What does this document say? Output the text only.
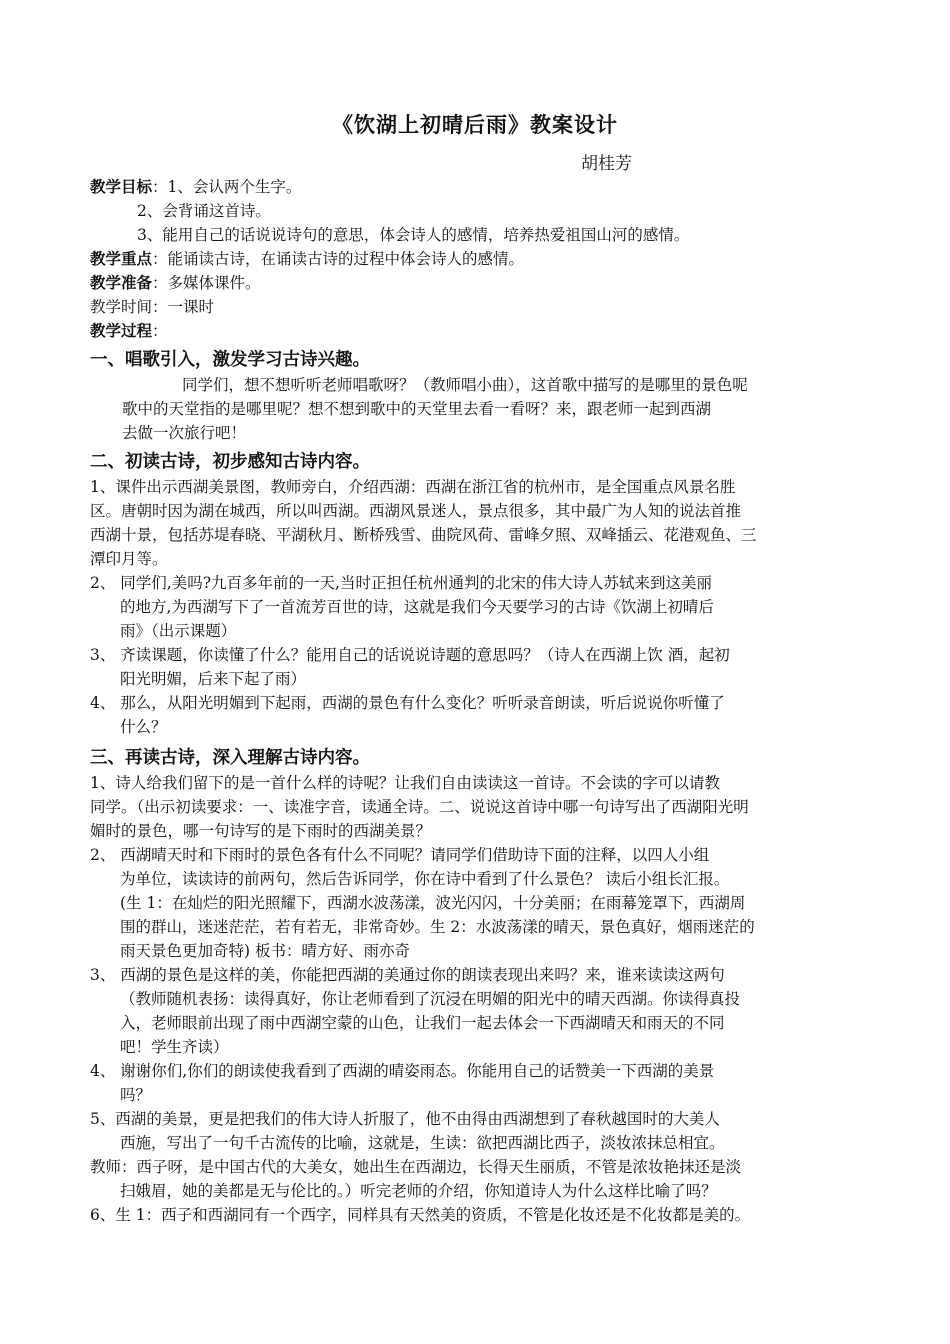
《饮湖上初晴后雨》教案设计
胡桂芳
教学目标：1、会认两个生字。
2、会背诵这首诗。
3、能用自己的话说说诗句的意思，体会诗人的感情，培养热爱祖国山河的感情。
教学重点：能诵读古诗，在诵读古诗的过程中体会诗人的感情。
教学准备：多媒体课件。
教学时间：一课时
教学过程：
一、唱歌引入，激发学习古诗兴趣。
同学们，想不想听听老师唱歌呀？（教师唱小曲），这首歌中描写的是哪里的景色呢
歌中的天堂指的是哪里呢？想不想到歌中的天堂里去看一看呀？来，跟老师一起到西湖
去做一次旅行吧！
二、初读古诗，初步感知古诗内容。
1、课件出示西湖美景图，教师旁白，介绍西湖：西湖在浙江省的杭州市，是全国重点风景名胜
区。唐朝时因为湖在城西，所以叫西湖。西湖风景迷人，景点很多，其中最广为人知的说法首推
西湖十景，包括苏堤春晓、平湖秋月、断桥残雪、曲院风荷、雷峰夕照、双峰插云、花港观鱼、三
潭印月等。
2、 同学们,美吗?九百多年前的一天,当时正担任杭州通判的北宋的伟大诗人苏轼来到这美丽
的地方,为西湖写下了一首流芳百世的诗，这就是我们今天要学习的古诗《饮湖上初晴后
雨》（出示课题）
3、 齐读课题，你读懂了什么？能用自己的话说说诗题的意思吗？（诗人在西湖上饮 酒，起初
阳光明媚，后来下起了雨）
4、 那么，从阳光明媚到下起雨，西湖的景色有什么变化？听听录音朗读，听后说说你听懂了
什么？
三、再读古诗，深入理解古诗内容。
1、诗人给我们留下的是一首什么样的诗呢？让我们自由读读这一首诗。不会读的字可以请教
同学。（出示初读要求：一、读准字音，读通全诗。二、说说这首诗中哪一句诗写出了西湖阳光明
媚时的景色，哪一句诗写的是下雨时的西湖美景？
2、 西湖晴天时和下雨时的景色各有什么不同呢？请同学们借助诗下面的注释，以四人小组
为单位，读读诗的前两句，然后告诉同学，你在诗中看到了什么景色？ 读后小组长汇报。
(生 1：在灿烂的阳光照耀下，西湖水波荡漾，波光闪闪，十分美丽；在雨幕笼罩下，西湖周
围的群山，迷迷茫茫，若有若无，非常奇妙。生 2：水波荡漾的晴天，景色真好，烟雨迷茫的
雨天景色更加奇特) 板书：晴方好、雨亦奇
3、 西湖的景色是这样的美，你能把西湖的美通过你的朗读表现出来吗？来，谁来读读这两句
（教师随机表扬：读得真好，你让老师看到了沉浸在明媚的阳光中的晴天西湖。你读得真投
入，老师眼前出现了雨中西湖空蒙的山色，让我们一起去体会一下西湖晴天和雨天的不同
吧！学生齐读）
4、 谢谢你们,你们的朗读使我看到了西湖的晴姿雨态。你能用自己的话赞美一下西湖的美景
吗？
5、西湖的美景，更是把我们的伟大诗人折服了，他不由得由西湖想到了春秋越国时的大美人
西施，写出了一句千古流传的比喻，这就是，生读：欲把西湖比西子，淡妆浓抹总相宜。
教师：西子呀，是中国古代的大美女，她出生在西湖边，长得天生丽质，不管是浓妆艳抹还是淡
扫娥眉，她的美都是无与伦比的。）听完老师的介绍，你知道诗人为什么这样比喻了吗？
6、生 1：西子和西湖同有一个西字，同样具有天然美的资质，不管是化妆还是不化妆都是美的。
